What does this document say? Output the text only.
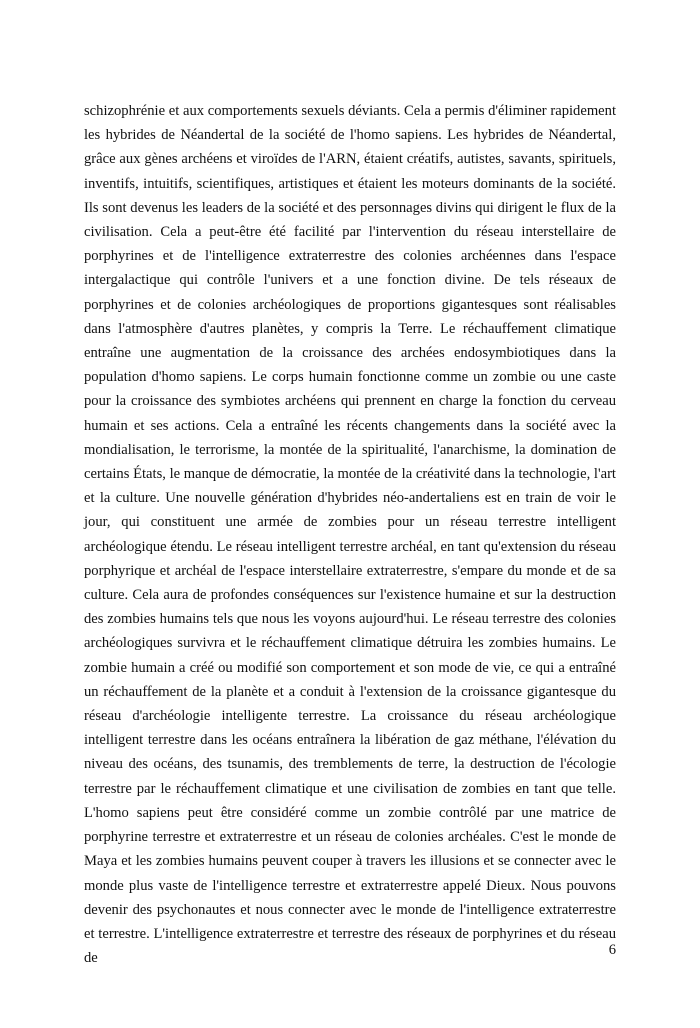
schizophrénie et aux comportements sexuels déviants. Cela a permis d'éliminer rapidement les hybrides de Néandertal de la société de l'homo sapiens. Les hybrides de Néandertal, grâce aux gènes archéens et viroïdes de l'ARN, étaient créatifs, autistes, savants, spirituels, inventifs, intuitifs, scientifiques, artistiques et étaient les moteurs dominants de la société. Ils sont devenus les leaders de la société et des personnages divins qui dirigent le flux de la civilisation. Cela a peut-être été facilité par l'intervention du réseau interstellaire de porphyrines et de l'intelligence extraterrestre des colonies archéennes dans l'espace intergalactique qui contrôle l'univers et a une fonction divine. De tels réseaux de porphyrines et de colonies archéologiques de proportions gigantesques sont réalisables dans l'atmosphère d'autres planètes, y compris la Terre. Le réchauffement climatique entraîne une augmentation de la croissance des archées endosymbiotiques dans la population d'homo sapiens. Le corps humain fonctionne comme un zombie ou une caste pour la croissance des symbiotes archéens qui prennent en charge la fonction du cerveau humain et ses actions. Cela a entraîné les récents changements dans la société avec la mondialisation, le terrorisme, la montée de la spiritualité, l'anarchisme, la domination de certains États, le manque de démocratie, la montée de la créativité dans la technologie, l'art et la culture. Une nouvelle génération d'hybrides néo-andertaliens est en train de voir le jour, qui constituent une armée de zombies pour un réseau terrestre intelligent archéologique étendu. Le réseau intelligent terrestre archéal, en tant qu'extension du réseau porphyrique et archéal de l'espace interstellaire extraterrestre, s'empare du monde et de sa culture. Cela aura de profondes conséquences sur l'existence humaine et sur la destruction des zombies humains tels que nous les voyons aujourd'hui. Le réseau terrestre des colonies archéologiques survivra et le réchauffement climatique détruira les zombies humains. Le zombie humain a créé ou modifié son comportement et son mode de vie, ce qui a entraîné un réchauffement de la planète et a conduit à l'extension de la croissance gigantesque du réseau d'archéologie intelligente terrestre. La croissance du réseau archéologique intelligent terrestre dans les océans entraînera la libération de gaz méthane, l'élévation du niveau des océans, des tsunamis, des tremblements de terre, la destruction de l'écologie terrestre par le réchauffement climatique et une civilisation de zombies en tant que telle. L'homo sapiens peut être considéré comme un zombie contrôlé par une matrice de porphyrine terrestre et extraterrestre et un réseau de colonies archéales. C'est le monde de Maya et les zombies humains peuvent couper à travers les illusions et se connecter avec le monde plus vaste de l'intelligence terrestre et extraterrestre appelé Dieux. Nous pouvons devenir des psychonautes et nous connecter avec le monde de l'intelligence extraterrestre et terrestre. L'intelligence extraterrestre et terrestre des réseaux de porphyrines et du réseau de
6
